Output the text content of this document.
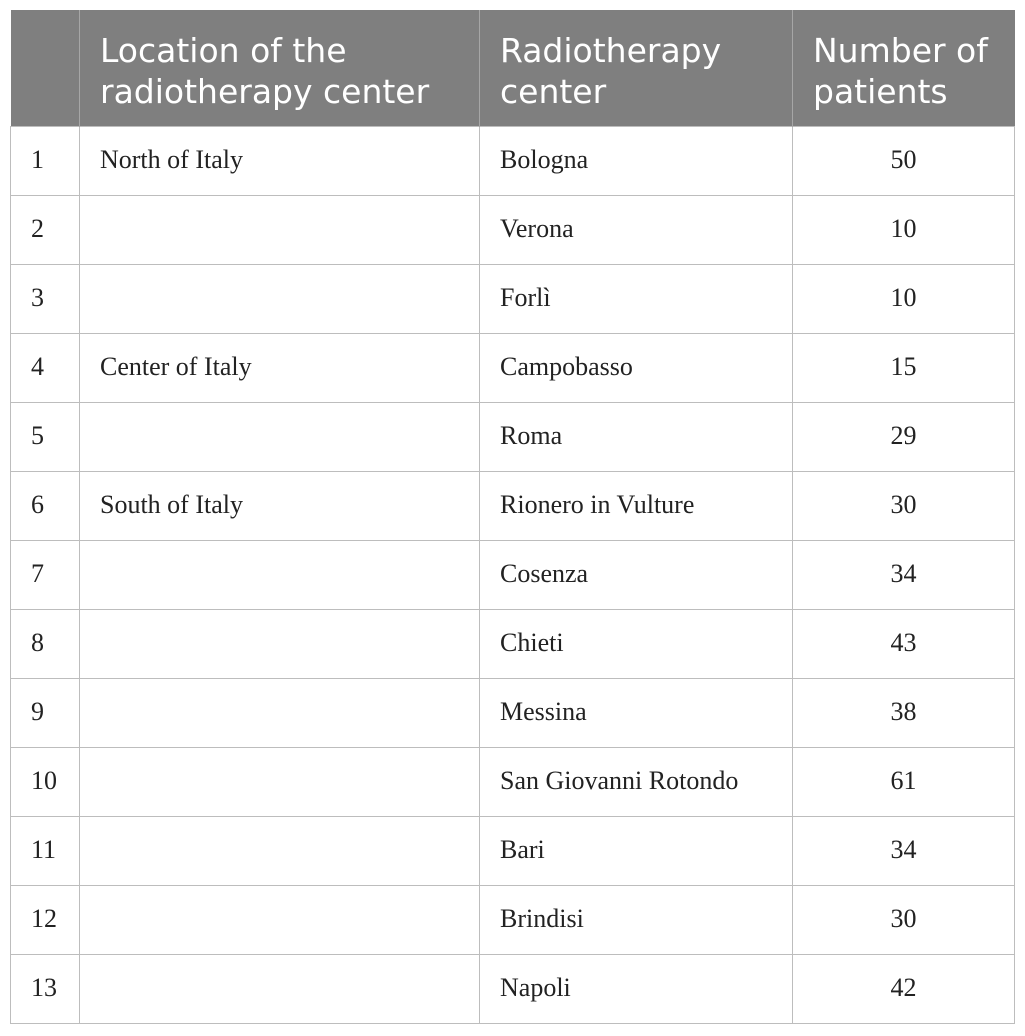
	Location of the radiotherapy center	Radiotherapy center	Number of patients
1	North of Italy	Bologna	50
2		Verona	10
3		Forlì	10
4	Center of Italy	Campobasso	15
5		Roma	29
6	South of Italy	Rionero in Vulture	30
7		Cosenza	34
8		Chieti	43
9		Messina	38
10		San Giovanni Rotondo	61
11		Bari	34
12		Brindisi	30
13		Napoli	42
